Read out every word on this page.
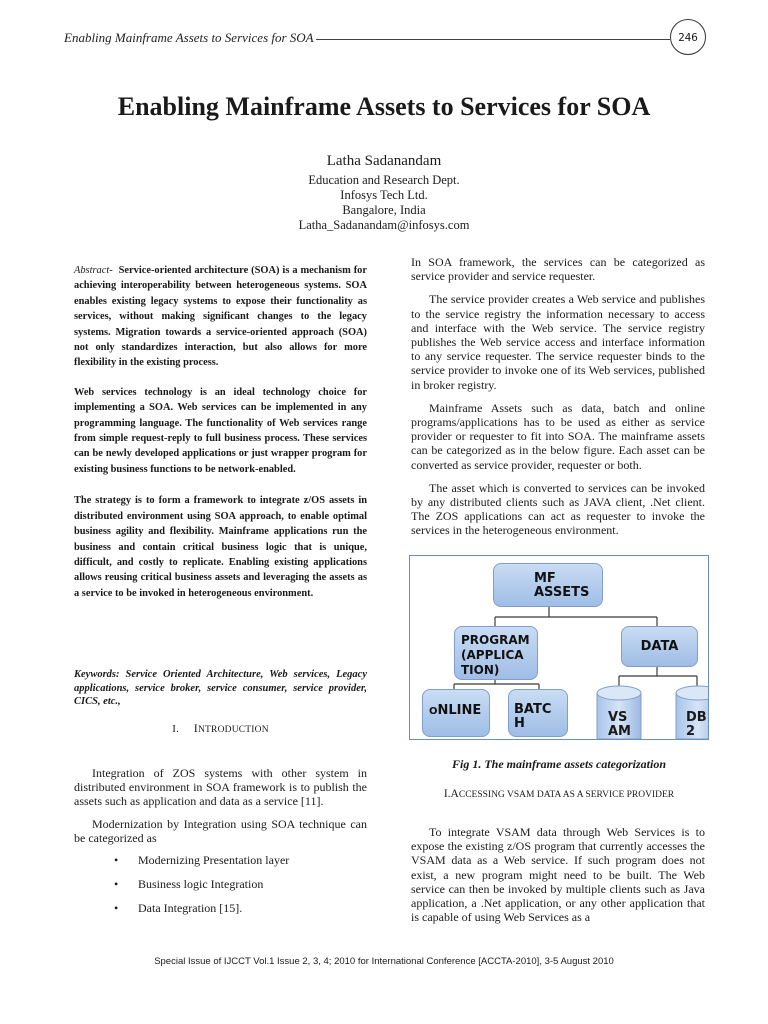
Enabling Mainframe Assets to Services for SOA	246
Enabling Mainframe Assets to Services for SOA
Latha Sadanandam
Education and Research Dept.
Infosys Tech Ltd.
Bangalore, India
Latha_Sadanandam@infosys.com

Abstract- Service-oriented architecture (SOA) is a mechanism for achieving interoperability between heterogeneous systems. SOA enables existing legacy systems to expose their functionality as services, without making significant changes to the legacy systems. Migration towards a service-oriented approach (SOA) not only standardizes interaction, but also allows for more flexibility in the existing process.

Web services technology is an ideal technology choice for implementing a SOA. Web services can be implemented in any programming language. The functionality of Web services range from simple request-reply to full business process. These services can be newly developed applications or just wrapper program for existing business functions to be network-enabled.

The strategy is to form a framework to integrate z/OS assets in distributed environment using SOA approach, to enable optimal business agility and flexibility. Mainframe applications run the business and contain critical business logic that is unique, difficult, and costly to replicate. Enabling existing applications allows reusing critical business assets and leveraging the assets as a service to be invoked in heterogeneous environment.

Keywords: Service Oriented Architecture, Web services, Legacy applications, service broker, service consumer, service provider, CICS, etc.,
I. INTRODUCTION

Integration of ZOS systems with other system in distributed environment in SOA framework is to publish the assets such as application and data as a service [11].

Modernization by Integration using SOA technique can be categorized as

• Modernizing Presentation layer
• Business logic Integration
• Data Integration [15].

In SOA framework, the services can be categorized as service provider and service requester.

The service provider creates a Web service and publishes to the service registry the information necessary to access and interface with the Web service. The service registry publishes the Web service access and interface information to any service requester. The service requester binds to the service provider to invoke one of its Web services, published in broker registry.

Mainframe Assets such as data, batch and online programs/applications has to be used as either as service provider or requester to fit into SOA. The mainframe assets can be categorized as in the below figure. Each asset can be converted as service provider, requester or both.

The asset which is converted to services can be invoked by any distributed clients such as JAVA client, .Net client. The ZOS applications can act as requester to invoke the services in the heterogeneous environment.

MF
ASSETS
PROGRAM
(APPLICA
TION)
DATA
ONLINE	BATC
H	VS
AM
DB
2
Fig 1. The mainframe assets categorization
I.ACCESSING VSAM DATA AS A SERVICE PROVIDER

To integrate VSAM data through Web Services is to expose the existing z/OS program that currently accesses the VSAM data as a Web service. If such program does not exist, a new program might need to be built. The Web service can then be invoked by multiple clients such as Java application, a .Net application, or any other application that is capable of using Web Services as a

Special Issue of IJCCT Vol.1 Issue 2, 3, 4; 2010 for International Conference [ACCTA-2010], 3-5 August 2010
